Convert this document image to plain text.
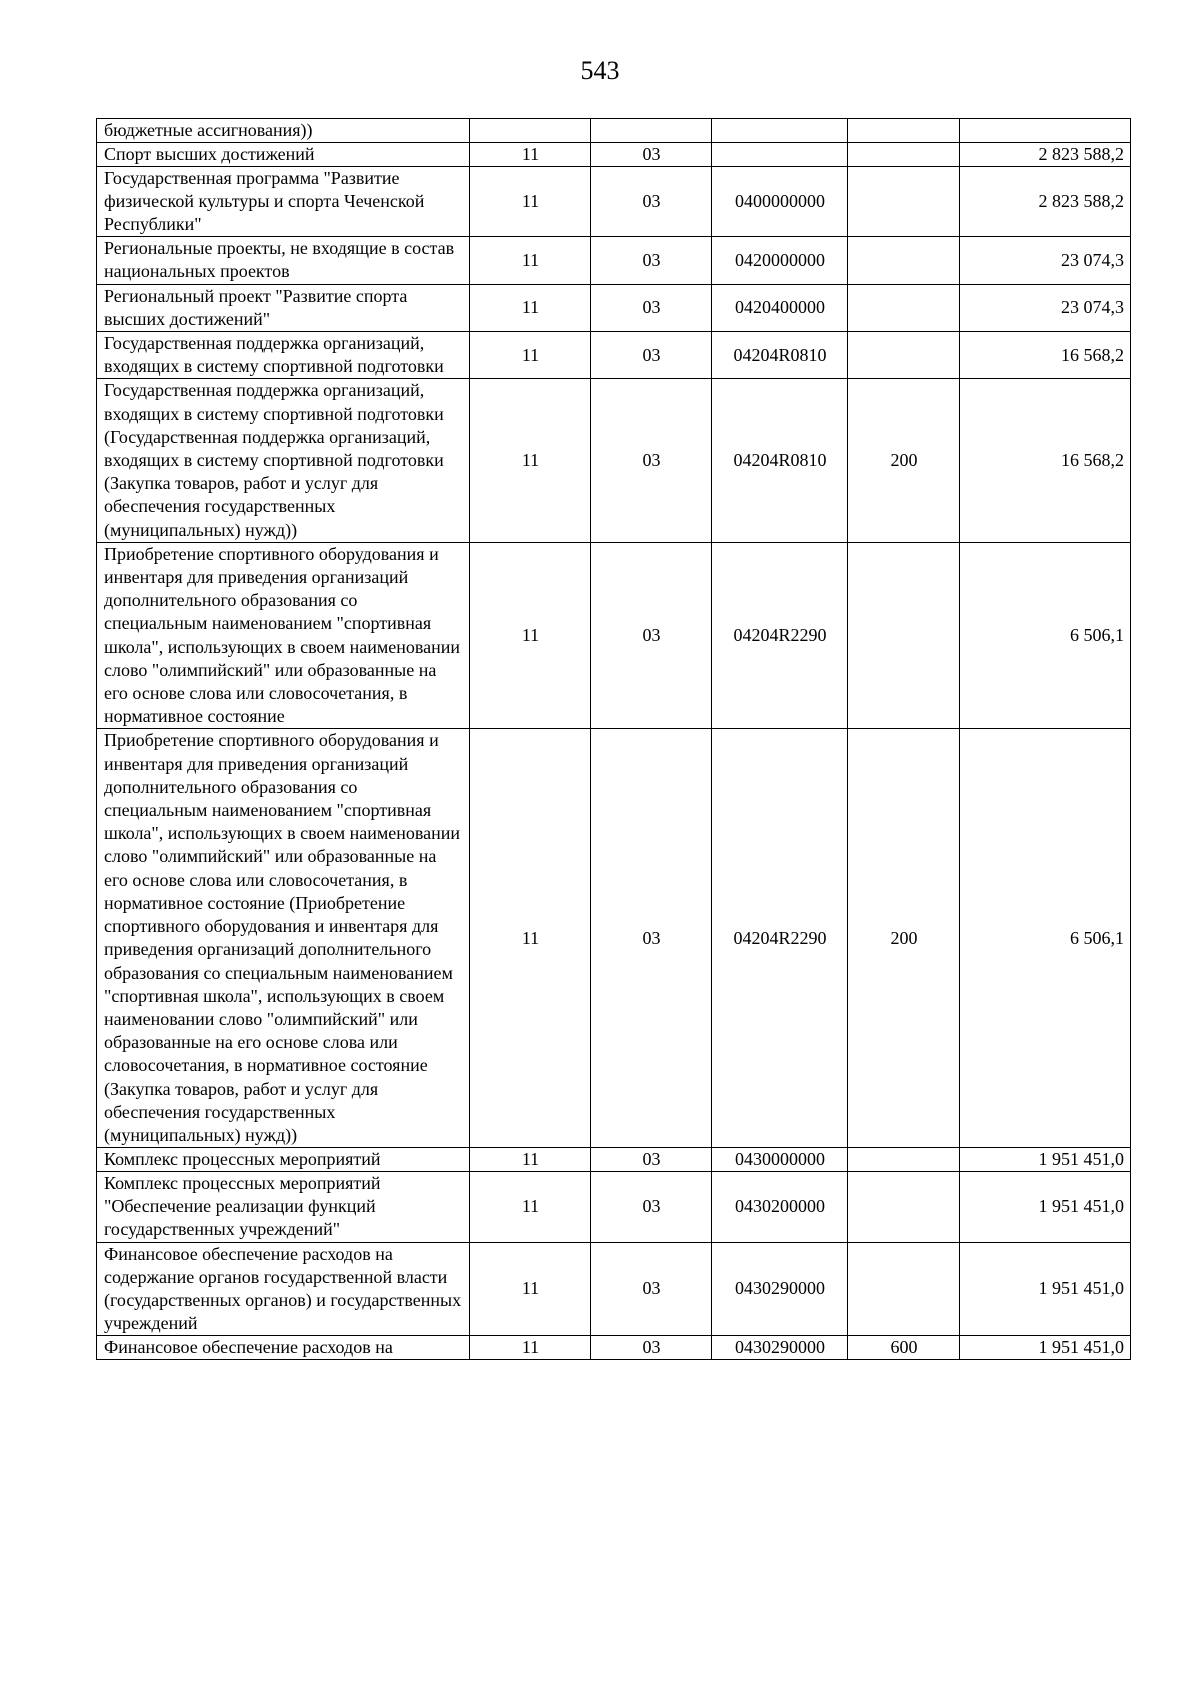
543
бюджетные ассигнования))					
Спорт высших достижений	11	03			2 823 588,2
Государственная программа "Развитие физической культуры и спорта Чеченской Республики"	11	03	0400000000		2 823 588,2
Региональные проекты, не входящие в состав национальных проектов	11	03	0420000000		23 074,3
Региональный проект "Развитие спорта высших достижений"	11	03	0420400000		23 074,3
Государственная поддержка организаций, входящих в систему спортивной подготовки	11	03	04204R0810		16 568,2
Государственная поддержка организаций, входящих в систему спортивной подготовки (Государственная поддержка организаций, входящих в систему спортивной подготовки (Закупка товаров, работ и услуг для обеспечения государственных (муниципальных) нужд))	11	03	04204R0810	200	16 568,2
Приобретение спортивного оборудования и инвентаря для приведения организаций дополнительного образования со специальным наименованием "спортивная школа", использующих в своем наименовании слово "олимпийский" или образованные на его основе слова или словосочетания, в нормативное состояние	11	03	04204R2290		6 506,1
Приобретение спортивного оборудования и инвентаря для приведения организаций дополнительного образования со специальным наименованием "спортивная школа", использующих в своем наименовании слово "олимпийский" или образованные на его основе слова или словосочетания, в нормативное состояние (Приобретение спортивного оборудования и инвентаря для приведения организаций дополнительного образования со специальным наименованием "спортивная школа", использующих в своем наименовании слово "олимпийский" или образованные на его основе слова или словосочетания, в нормативное состояние (Закупка товаров, работ и услуг для обеспечения государственных (муниципальных) нужд))	11	03	04204R2290	200	6 506,1
Комплекс процессных мероприятий	11	03	0430000000		1 951 451,0
Комплекс процессных мероприятий "Обеспечение реализации функций государственных учреждений"	11	03	0430200000		1 951 451,0
Финансовое обеспечение расходов на содержание органов государственной власти (государственных органов) и государственных учреждений	11	03	0430290000		1 951 451,0
Финансовое обеспечение расходов на	11	03	0430290000	600	1 951 451,0
